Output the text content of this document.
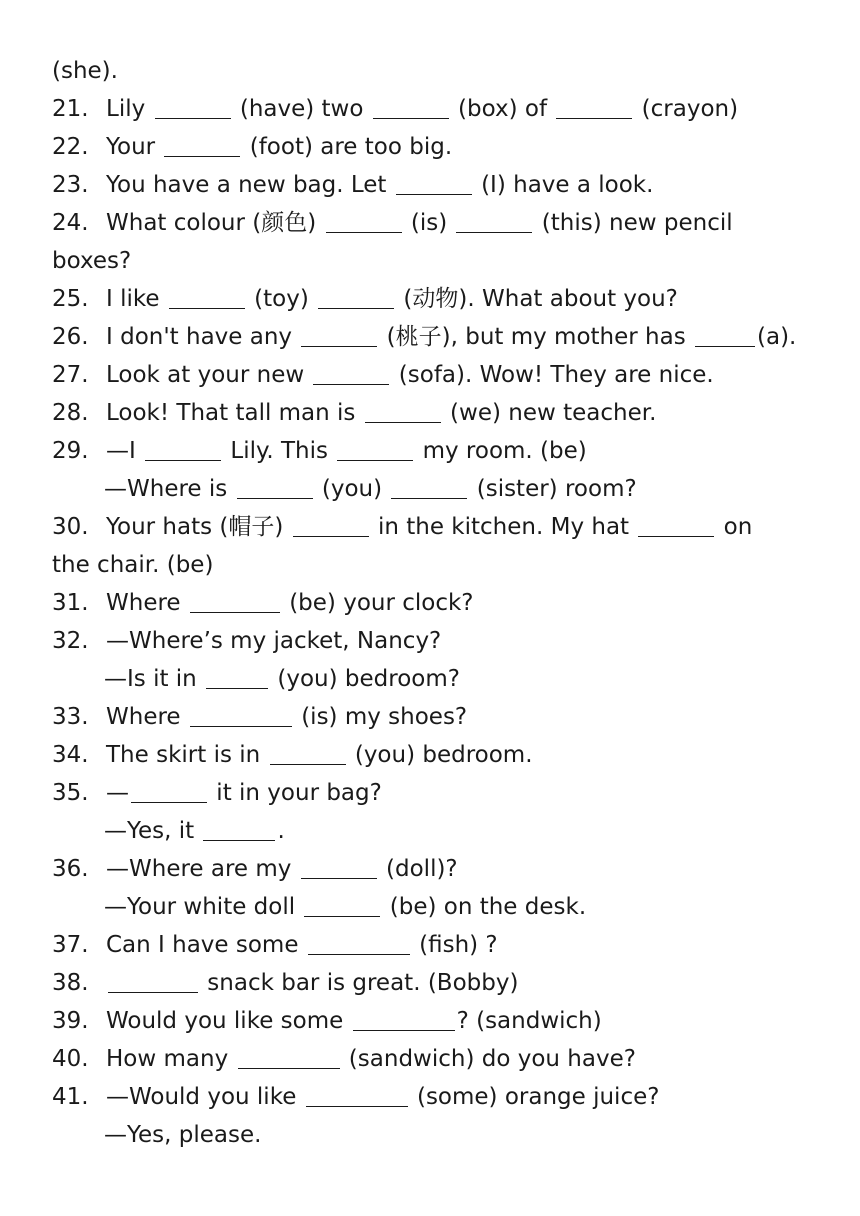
(she).
21. Lily	(have) two	(box) of	(crayon)
22. Your	(foot) are too big.
23. You have a new bag. Let	(I) have a look.
24. What colour (颜色)	(is)	(this) new pencil
boxes?
25. I like	(toy)	(动物). What about you?
26. I don't have any	(桃子), but my mother has	(a).
27. Look at your new	(sofa). Wow! They are nice.
28. Look! That tall man is	(we) new teacher.
29. —I	Lily. This	my room. (be)
—Where is	(you)	(sister) room?
30. Your hats (帽子)	in the kitchen. My hat	on
the chair. (be)
31. Where	(be) your clock?
32. —Where’s my jacket, Nancy?
—Is it in	(you) bedroom?
33. Where	(is) my shoes?
34. The skirt is in	(you) bedroom.
35. —	it in your bag?
—Yes, it	.
36. —Where are my	(doll)?
—Your white doll	(be) on the desk.
37. Can I have some	(fish) ?
38.	snack bar is great. (Bobby)
39. Would you like some	? (sandwich)
40. How many	(sandwich) do you have?
41. —Would you like	(some) orange juice?
—Yes, please.
